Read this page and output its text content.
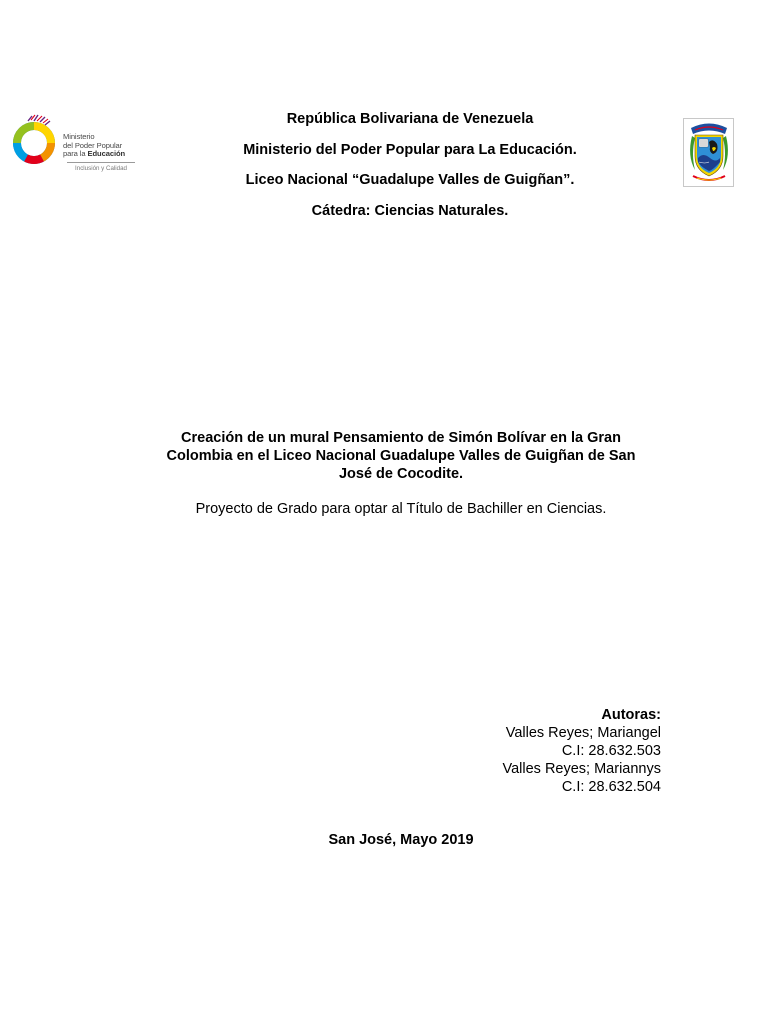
Ministerio
del Poder Popular
para la Educación
Inclusión y Calidad
República Bolivariana de Venezuela
Ministerio del Poder Popular para La Educación.
Liceo Nacional “Guadalupe Valles de Guigñan”.
Cátedra: Ciencias Naturales.
Creación de un mural Pensamiento de Simón Bolívar en la Gran Colombia en el Liceo Nacional Guadalupe Valles de Guigñan de San José de Cocodite.
Proyecto de Grado para optar al Título de Bachiller en Ciencias.
Autoras:
Valles Reyes; Mariangel
C.I: 28.632.503
Valles Reyes; Mariannys
C.I: 28.632.504
San José, Mayo 2019
